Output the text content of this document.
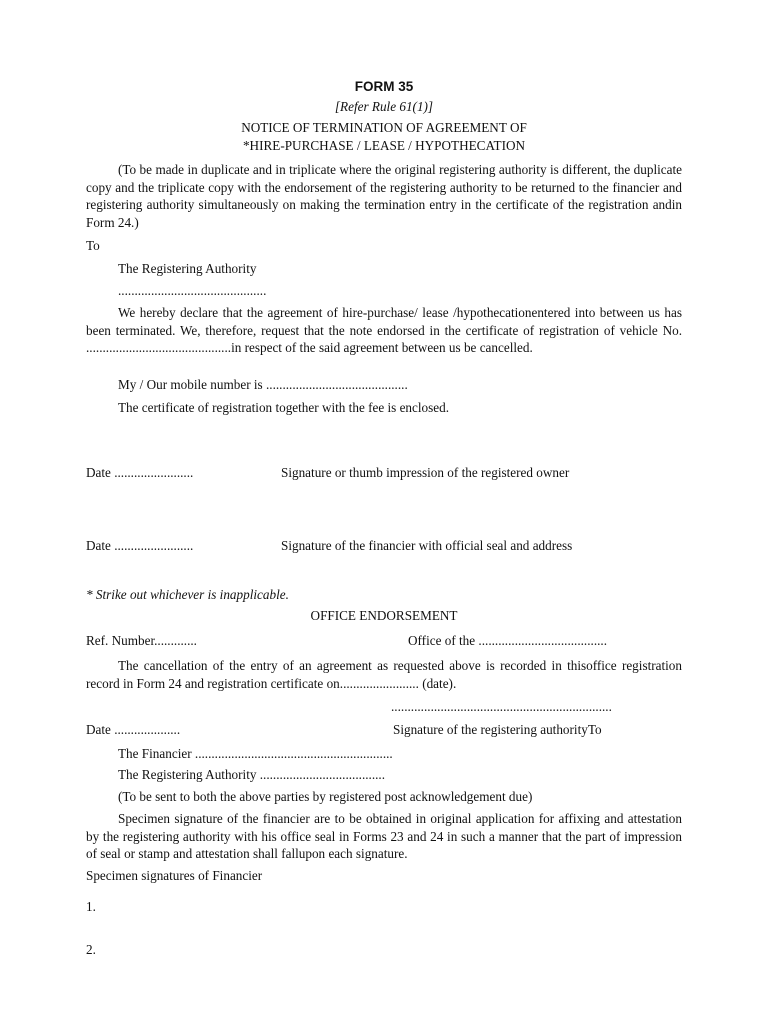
FORM 35
[Refer Rule 61(1)]
NOTICE OF TERMINATION OF AGREEMENT OF
*HIRE-PURCHASE / LEASE / HYPOTHECATION
(To be made in duplicate and in triplicate where the original registering authority is different, the duplicate copy and the triplicate copy with the endorsement of the registering authority to be returned to the financier and registering authority simultaneously on making the termination entry in the certificate of the registration andin Form 24.)
To
The Registering Authority
.............................................
We hereby declare that the agreement of hire-purchase/ lease /hypothecationentered into between us has been terminated. We, therefore, request that the note endorsed in the certificate of registration of vehicle No. ............................................in respect of the said agreement between us be cancelled.
My / Our mobile number is ...........................................
The certificate of registration together with the fee is enclosed.
Date ........................	Signature or thumb impression of the registered owner
Date ........................	Signature of the financier with official seal and address
* Strike out whichever is inapplicable.
OFFICE ENDORSEMENT
Ref. Number.............	Office of the .......................................
The cancellation of the entry of an agreement as requested above is recorded in thisoffice registration record in Form 24 and registration certificate on........................ (date).
...................................................................
Date ....................	Signature of the registering authorityTo
The Financier ............................................................
The Registering Authority ......................................
(To be sent to both the above parties by registered post acknowledgement due)
Specimen signature of the financier are to be obtained in original application for affixing and attestation by the registering authority with his office seal in Forms 23 and 24 in such a manner that the part of impression of seal or stamp and attestation shall fallupon each signature.
Specimen signatures of Financier
1.
2.
